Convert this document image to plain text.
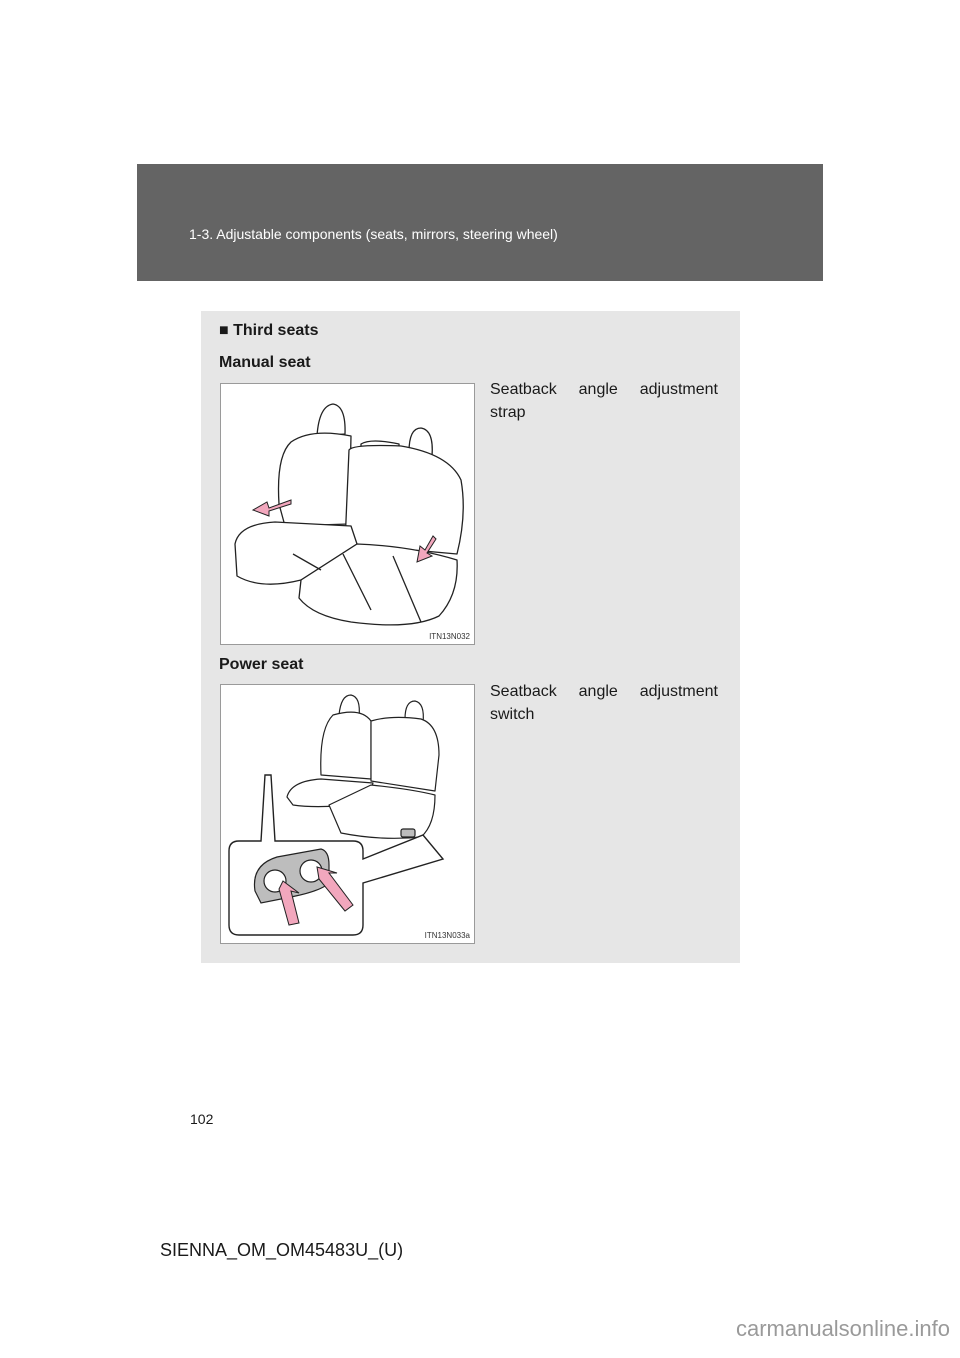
1-3. Adjustable components (seats, mirrors, steering wheel)
■ Third seats
Manual seat
Seatback angle adjustment strap
ITN13N032
Power seat
Seatback angle adjustment switch
ITN13N033a
102
SIENNA_OM_OM45483U_(U)
carmanualsonline.info
